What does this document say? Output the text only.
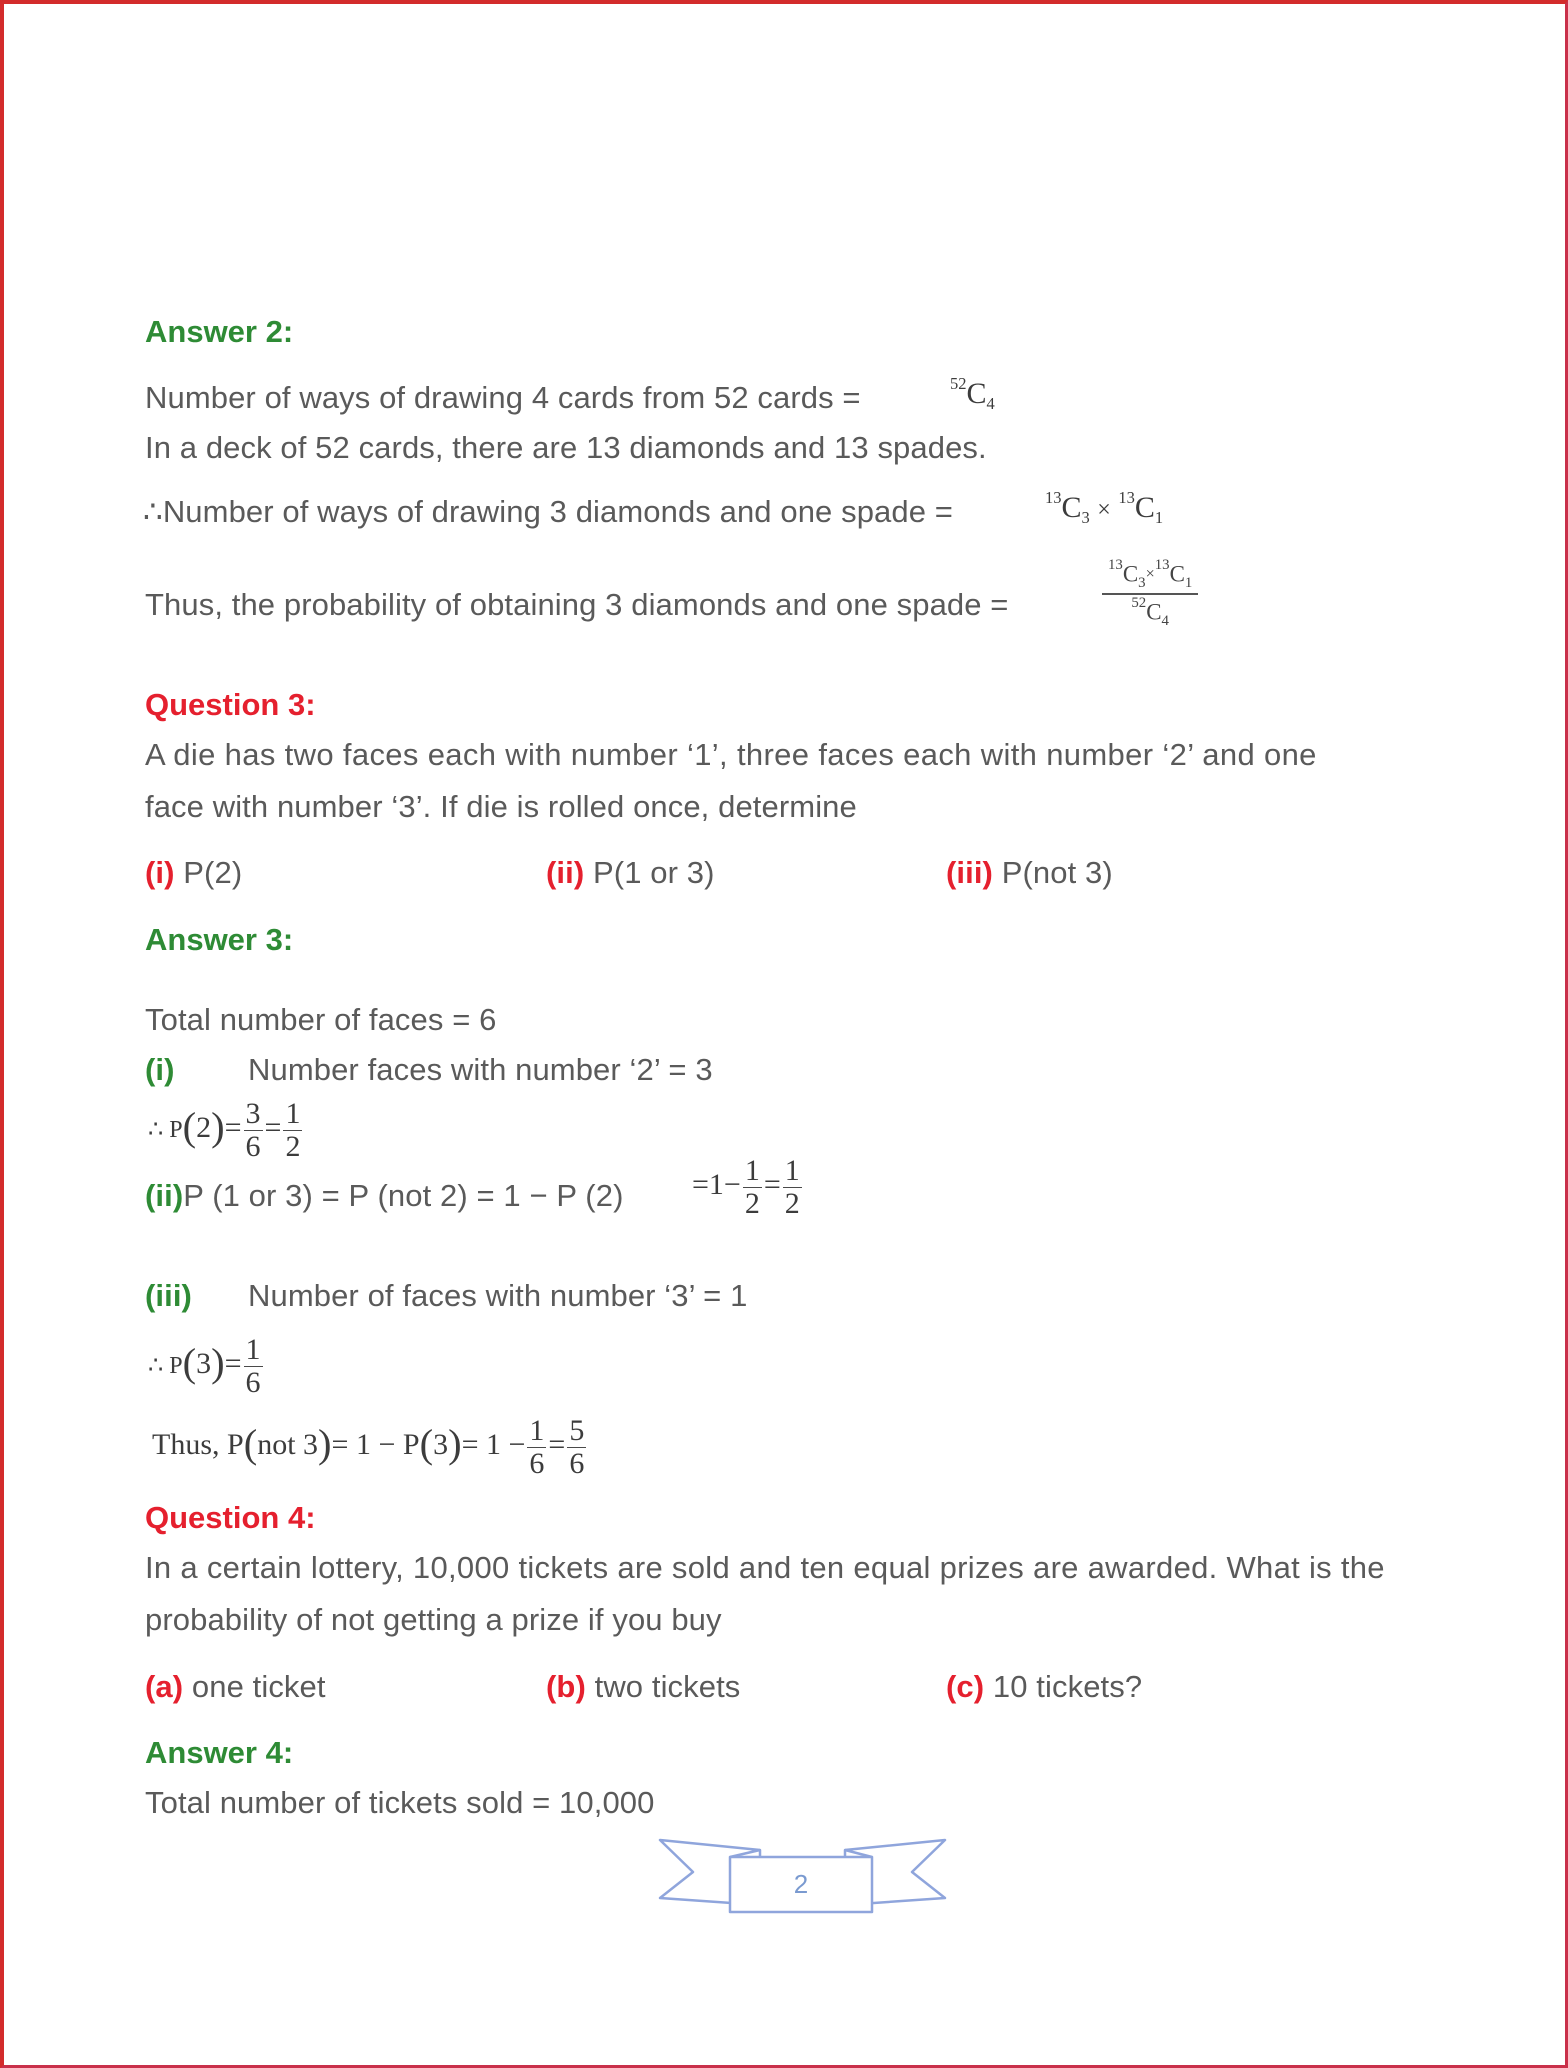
Answer 2:
Number of ways of drawing 4 cards from 52 cards =	$^{52}C_4$
In a deck of 52 cards, there are 13 diamonds and 13 spades.
∴Number of ways of drawing 3 diamonds and one spade =	$^{13}C_3 \times ^{13}C_1$
Thus, the probability of obtaining 3 diamonds and one spade =	$\frac{^{13}C_3\times^{13}C_1}{^{52}C_4}$
Question 3:
A die has two faces each with number ‘1’, three faces each with number ‘2’ and one
face with number ‘3’. If die is rolled once, determine
(i) P(2)	(ii) P(1 or 3)	(iii) P(not 3)
Answer 3:
Total number of faces = 6
(i) Number faces with number ‘2’ = 3
∴ $P(2)= \frac{3}{6} = \frac{1}{2}$
(ii)P (1 or 3) = P (not 2) = 1 − P $(2) =1- \frac{1}{2} = \frac{1}{2}$
(iii) Number of faces with number ‘3’ = 1
∴ $P(3)= \frac{1}{6}$
Thus, P(not $3)= 1 - P(3)= 1 - \frac{1}{6} = \frac{5}{6}$
Question 4:
In a certain lottery, 10,000 tickets are sold and ten equal prizes are awarded. What is the
probability of not getting a prize if you buy
(a) one ticket	(b) two tickets	(c) 10 tickets?
Answer 4:
Total number of tickets sold = 10,000
2
